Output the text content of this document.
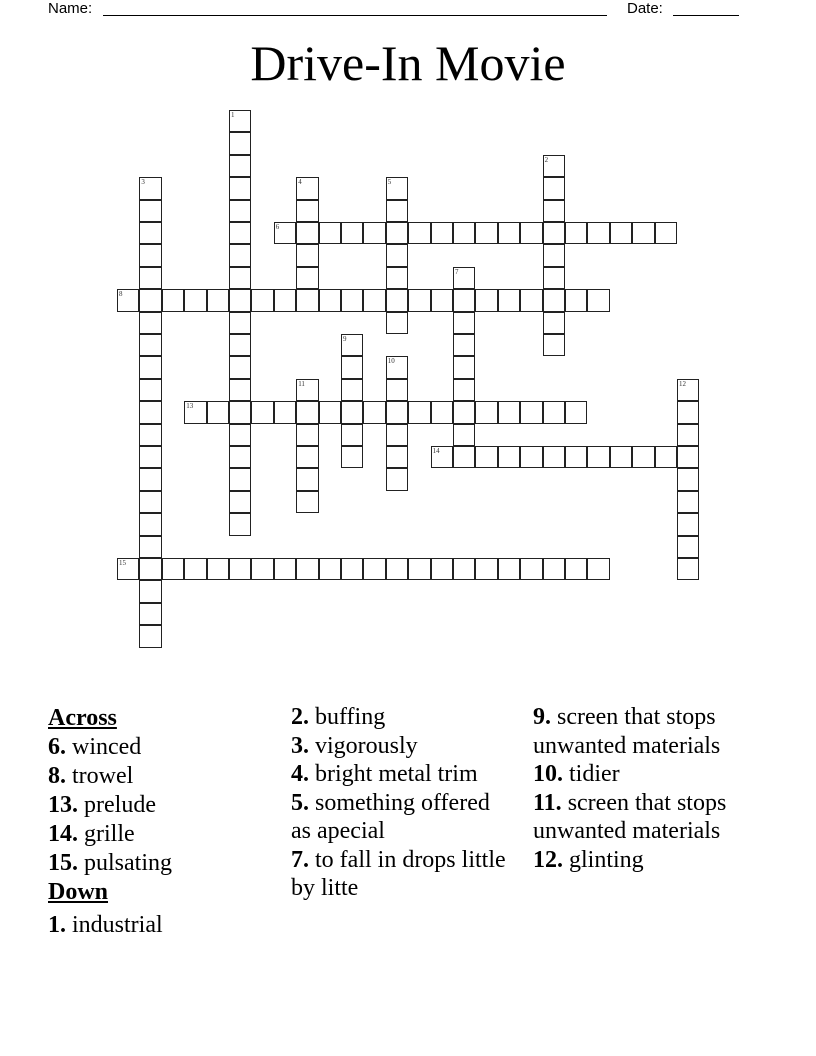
Name:	Date:
Drive-In Movie
1
2
3	4	5
6
7
8
9
10
11	12
13
14
15
Across
6. winced
8. trowel
13. prelude
14. grille
15. pulsating
Down
1. industrial
2. buffing
3. vigorously
4. bright metal trim
5. something offered as apecial
7. to fall in drops little by litte
9. screen that stops unwanted materials
10. tidier
11. screen that stops unwanted materials
12. glinting
